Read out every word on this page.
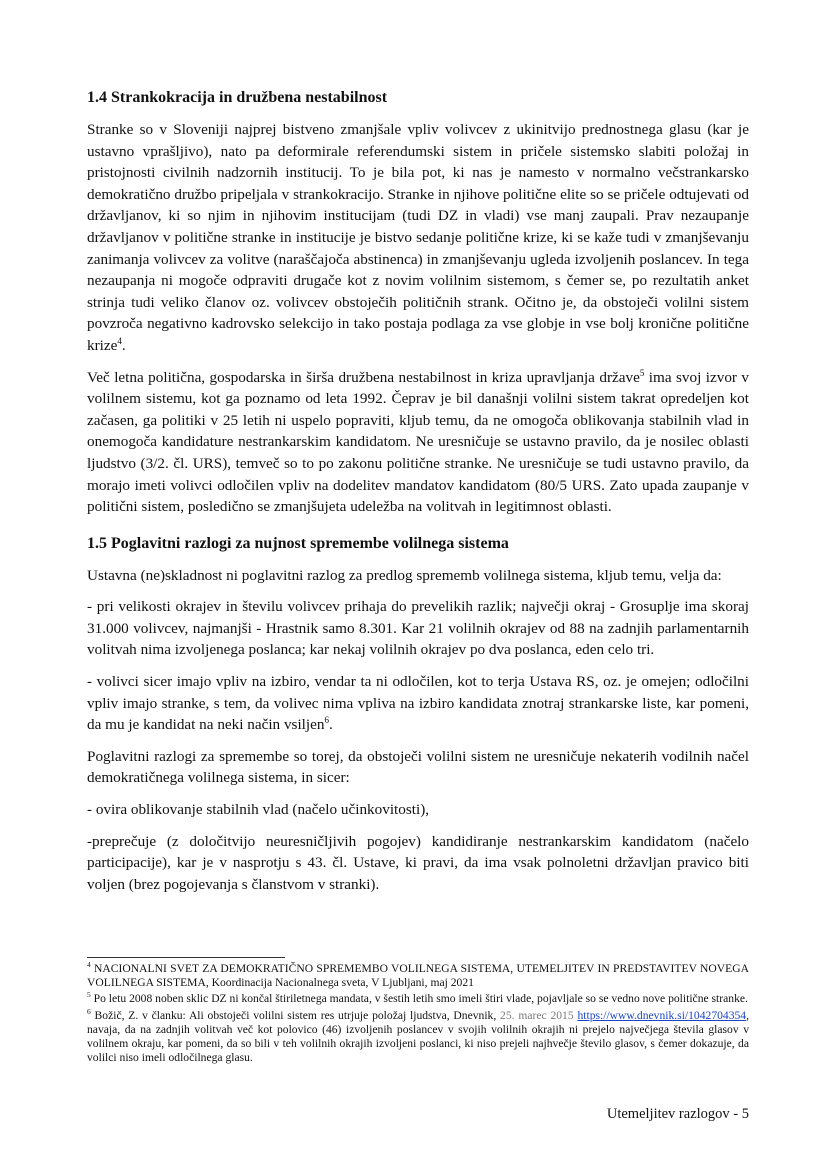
1.4 Strankokracija in družbena nestabilnost

Stranke so v Sloveniji najprej bistveno zmanjšale vpliv volivcev z ukinitvijo prednostnega glasu (kar je ustavno vprašljivo), nato pa deformirale referendumski sistem in pričele sistemsko slabiti položaj in pristojnosti civilnih nadzornih institucij. To je bila pot, ki nas je namesto v normalno večstrankarsko demokratično družbo pripeljala v strankokracijo. Stranke in njihove politične elite so se pričele odtujevati od državljanov, ki so njim in njihovim institucijam (tudi DZ in vladi) vse manj zaupali. Prav nezaupanje državljanov v politične stranke in institucije je bistvo sedanje politične krize, ki se kaže tudi v zmanjševanju zanimanja volivcev za volitve (naraščajoča abstinenca) in zmanjševanju ugleda izvoljenih poslancev. In tega nezaupanja ni mogoče odpraviti drugače kot z novim volilnim sistemom, s čemer se, po rezultatih anket strinja tudi veliko članov oz. volivcev obstoječih političnih strank. Očitno je, da obstoječi volilni sistem povzroča negativno kadrovsko selekcijo in tako postaja podlaga za vse globje in vse bolj kronične politične krize$^4$.

Več letna politična, gospodarska in širša družbena nestabilnost in kriza upravljanja države$^5$ ima svoj izvor v volilnem sistemu, kot ga poznamo od leta 1992. Čeprav je bil današnji volilni sistem takrat opredeljen kot začasen, ga politiki v 25 letih ni uspelo popraviti, kljub temu, da ne omogoča oblikovanja stabilnih vlad in onemogoča kandidature nestrankarskim kandidatom. Ne uresničuje se ustavno pravilo, da je nosilec oblasti ljudstvo (3/2. čl. URS), temveč so to po zakonu politične stranke. Ne uresničuje se tudi ustavno pravilo, da morajo imeti volivci odločilen vpliv na dodelitev mandatov kandidatom (80/5 URS. Zato upada zaupanje v politični sistem, posledično se zmanjšujeta udeležba na volitvah in legitimnost oblasti.

1.5 Poglavitni razlogi za nujnost spremembe volilnega sistema

Ustavna (ne)skladnost ni poglavitni razlog za predlog sprememb volilnega sistema, kljub temu, velja da:

- pri velikosti okrajev in številu volivcev prihaja do prevelikih razlik; največji okraj - Grosuplje ima skoraj 31.000 volivcev, najmanjši - Hrastnik samo 8.301. Kar 21 volilnih okrajev od 88 na zadnjih parlamentarnih volitvah nima izvoljenega poslanca; kar nekaj volilnih okrajev po dva poslanca, eden celo tri.

- volivci sicer imajo vpliv na izbiro, vendar ta ni odločilen, kot to terja Ustava RS, oz. je omejen; odločilni vpliv imajo stranke, s tem, da volivec nima vpliva na izbiro kandidata znotraj strankarske liste, kar pomeni, da mu je kandidat na neki način vsiljen$^6$.

Poglavitni razlogi za spremembe so torej, da obstoječi volilni sistem ne uresničuje nekaterih vodilnih načel demokratičnega volilnega sistema, in sicer:

- ovira oblikovanje stabilnih vlad (načelo učinkovitosti),

-preprečuje (z določitvijo neuresničljivih pogojev) kandidiranje nestrankarskim kandidatom (načelo participacije), kar je v nasprotju s 43. čl. Ustave, ki pravi, da ima vsak polnoletni državljan pravico biti voljen (brez pogojevanja s članstvom v stranki).

$^4$ NACIONALNI SVET ZA DEMOKRATIČNO SPREMEMBO VOLILNEGA SISTEMA, UTEMELJITEV IN PREDSTAVITEV NOVEGA VOLILNEGA SISTEMA, Koordinacija Nacionalnega sveta, V Ljubljani, maj 2021

$^5$ Po letu 2008 noben sklic DZ ni končal štiriletnega mandata, v šestih letih smo imeli štiri vlade, pojavljale so se vedno nove politične stranke.

$^6$ Božič, Z. v članku: Ali obstoječi volilni sistem res utrjuje položaj ljudstva, Dnevnik, 25. marec 2015 https://www.dnevnik.si/1042704354, navaja, da na zadnjih volitvah več kot polovico (46) izvoljenih poslancev v svojih volilnih okrajih ni prejelo največjega števila glasov v volilnem okraju, kar pomeni, da so bili v teh volilnih okrajih izvoljeni poslanci, ki niso prejeli najhvečje število glasov, s čemer dokazuje, da volilci niso imeli odločilnega glasu.

Utemeljitev razlogov - 5
